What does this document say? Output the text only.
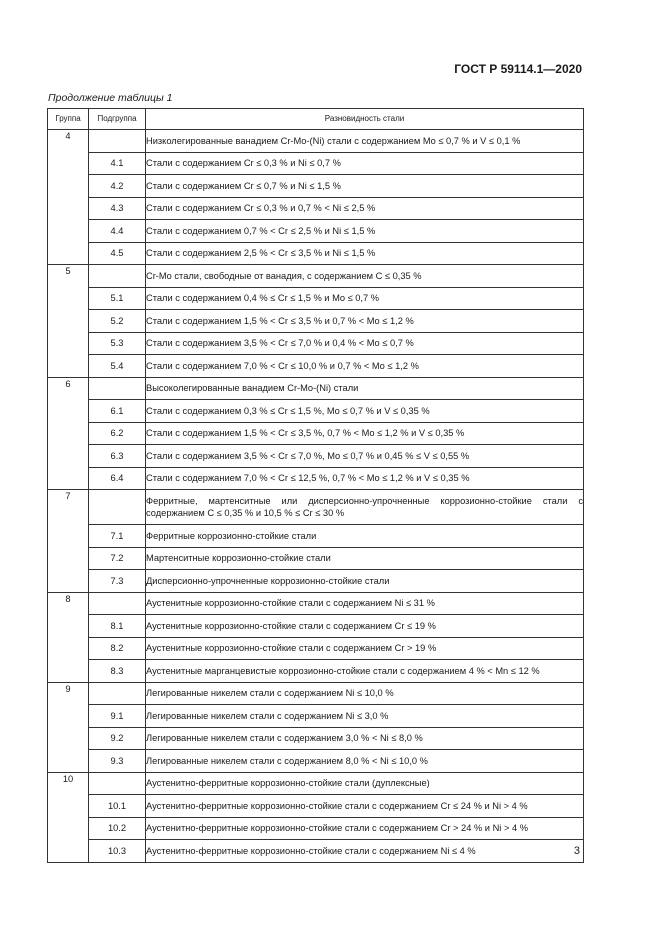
ГОСТ Р 59114.1—2020
Продолжение таблицы 1
Группа	Подгруппа	Разновидность стали
4		Низколегированные ванадием Cr-Mo-(Ni) стали с содержанием Mo ≤ 0,7 % и V ≤ 0,1 %
	4.1	Стали с содержанием Cr ≤ 0,3 % и Ni ≤ 0,7 %
	4.2	Стали с содержанием Cr ≤ 0,7 % и Ni ≤ 1,5 %
	4.3	Стали с содержанием Cr ≤ 0,3 % и 0,7 % < Ni ≤ 2,5 %
	4.4	Стали с содержанием 0,7 % < Cr ≤ 2,5 % и Ni ≤ 1,5 %
	4.5	Стали с содержанием 2,5 % < Cr ≤ 3,5 % и Ni ≤ 1,5 %
5		Cr-Mo стали, свободные от ванадия, с содержанием C ≤ 0,35 %
	5.1	Стали с содержанием 0,4 % ≤ Cr ≤ 1,5 % и Mo ≤ 0,7 %
	5.2	Стали с содержанием 1,5 % < Cr ≤ 3,5 % и 0,7 % < Mo ≤ 1,2 %
	5.3	Стали с содержанием 3,5 % < Cr ≤ 7,0 % и 0,4 % < Mo ≤ 0,7 %
	5.4	Стали с содержанием 7,0 % < Cr ≤ 10,0 % и 0,7 % < Mo ≤ 1,2 %
6		Высоколегированные ванадием Cr-Mo-(Ni) стали
	6.1	Стали с содержанием 0,3 % ≤ Cr ≤ 1,5 %, Mo ≤ 0,7 % и V ≤ 0,35 %
	6.2	Стали с содержанием 1,5 % < Cr ≤ 3,5 %, 0,7 % < Mo ≤ 1,2 % и V ≤ 0,35 %
	6.3	Стали с содержанием 3,5 % < Cr ≤ 7,0 %, Mo ≤ 0,7 % и 0,45 % ≤ V ≤ 0,55 %
	6.4	Стали с содержанием 7,0 % < Cr ≤ 12,5 %, 0,7 % < Mo ≤ 1,2 % и V ≤ 0,35 %
7		Ферритные, мартенситные или дисперсионно-упрочненные коррозионно-стойкие стали с содержанием C ≤ 0,35 % и 10,5 % ≤ Cr ≤ 30 %
	7.1	Ферритные коррозионно-стойкие стали
	7.2	Мартенситные коррозионно-стойкие стали
	7.3	Дисперсионно-упрочненные коррозионно-стойкие стали
8		Аустенитные коррозионно-стойкие стали с содержанием Ni ≤ 31 %
	8.1	Аустенитные коррозионно-стойкие стали с содержанием Cr ≤ 19 %
	8.2	Аустенитные коррозионно-стойкие стали с содержанием Cr > 19 %
	8.3	Аустенитные марганцевистые коррозионно-стойкие стали с содержанием 4 % < Mn ≤ 12 %
9		Легированные никелем стали с содержанием Ni ≤ 10,0 %
	9.1	Легированные никелем стали с содержанием Ni ≤ 3,0 %
	9.2	Легированные никелем стали с содержанием 3,0 % < Ni ≤ 8,0 %
	9.3	Легированные никелем стали с содержанием 8,0 % < Ni ≤ 10,0 %
10		Аустенитно-ферритные коррозионно-стойкие стали (дуплексные)
	10.1	Аустенитно-ферритные коррозионно-стойкие стали с содержанием Cr ≤ 24 % и Ni > 4 %
	10.2	Аустенитно-ферритные коррозионно-стойкие стали с содержанием Cr > 24 % и Ni > 4 %
	10.3	Аустенитно-ферритные коррозионно-стойкие стали с содержанием Ni ≤ 4 %	3
